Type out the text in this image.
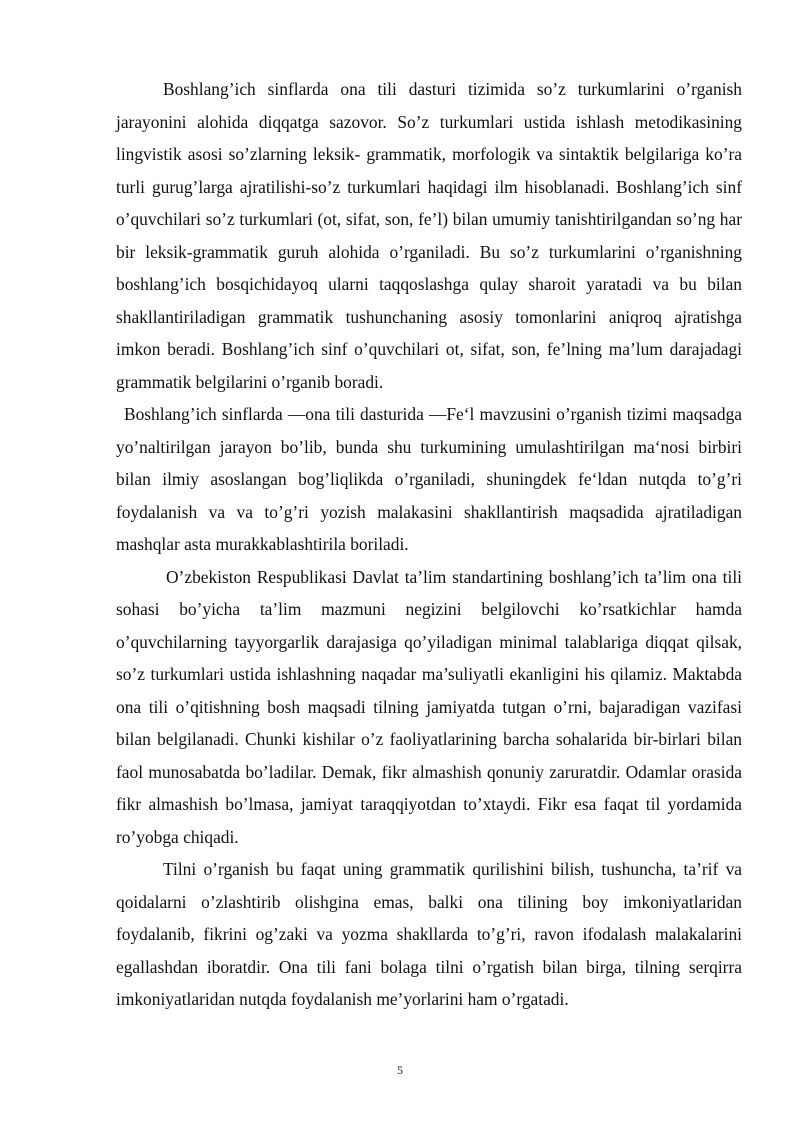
Boshlang’ich sinflarda ona tili dasturi tizimida so’z turkumlarini o’rganish jarayonini alohida diqqatga sazovor. So’z turkumlari ustida ishlash metodikasining lingvistik asosi so’zlarning leksik- grammatik, morfologik va sintaktik belgilariga ko’ra turli gurug’larga ajratilishi-so’z turkumlari haqidagi ilm hisoblanadi. Boshlang’ich sinf o’quvchilari so’z turkumlari (ot, sifat, son, fe’l) bilan umumiy tanishtirilgandan so’ng har bir leksik-grammatik guruh alohida o’rganiladi. Bu so’z turkumlarini o’rganishning boshlang’ich bosqichidayoq ularni taqqoslashga qulay sharoit yaratadi va bu bilan shakllantiriladigan grammatik tushunchaning asosiy tomonlarini aniqroq ajratishga imkon beradi. Boshlang’ich sinf o’quvchilari ot, sifat, son, fe’lning ma’lum darajadagi grammatik belgilarini o’rganib boradi.

Boshlang’ich sinflarda —ona tili dasturida —Fe‘l mavzusini o’rganish tizimi maqsadga yo’naltirilgan jarayon bo’lib, bunda shu turkumining umulashtirilgan ma‘nosi birbiri bilan ilmiy asoslangan bog’liqlikda o’rganiladi, shuningdek fe‘ldan nutqda to’g’ri foydalanish va va to’g’ri yozish malakasini shakllantirish maqsadida ajratiladigan mashqlar asta murakkablashtirila boriladi.

O’zbekiston Respublikasi Davlat ta’lim standartining boshlang’ich ta’lim ona tili sohasi bo’yicha ta’lim mazmuni negizini belgilovchi ko’rsatkichlar hamda o’quvchilarning tayyorgarlik darajasiga qo’yiladigan minimal talablariga diqqat qilsak, so’z turkumlari ustida ishlashning naqadar ma’suliyatli ekanligini his qilamiz. Maktabda ona tili o’qitishning bosh maqsadi tilning jamiyatda tutgan o’rni, bajaradigan vazifasi bilan belgilanadi. Chunki kishilar o’z faoliyatlarining barcha sohalarida bir-birlari bilan faol munosabatda bo’ladilar. Demak, fikr almashish qonuniy zaruratdir. Odamlar orasida fikr almashish bo’lmasa, jamiyat taraqqiyotdan to’xtaydi. Fikr esa faqat til yordamida ro’yobga chiqadi.

Tilni o’rganish bu faqat uning grammatik qurilishini bilish, tushuncha, ta’rif va qoidalarni o’zlashtirib olishgina emas, balki ona tilining boy imkoniyatlaridan foydalanib, fikrini og’zaki va yozma shakllarda to’g’ri, ravon ifodalash malakalarini egallashdan iboratdir. Ona tili fani bolaga tilni o’rgatish bilan birga, tilning serqirra imkoniyatlaridan nutqda foydalanish me’yorlarini ham o’rgatadi.

5
